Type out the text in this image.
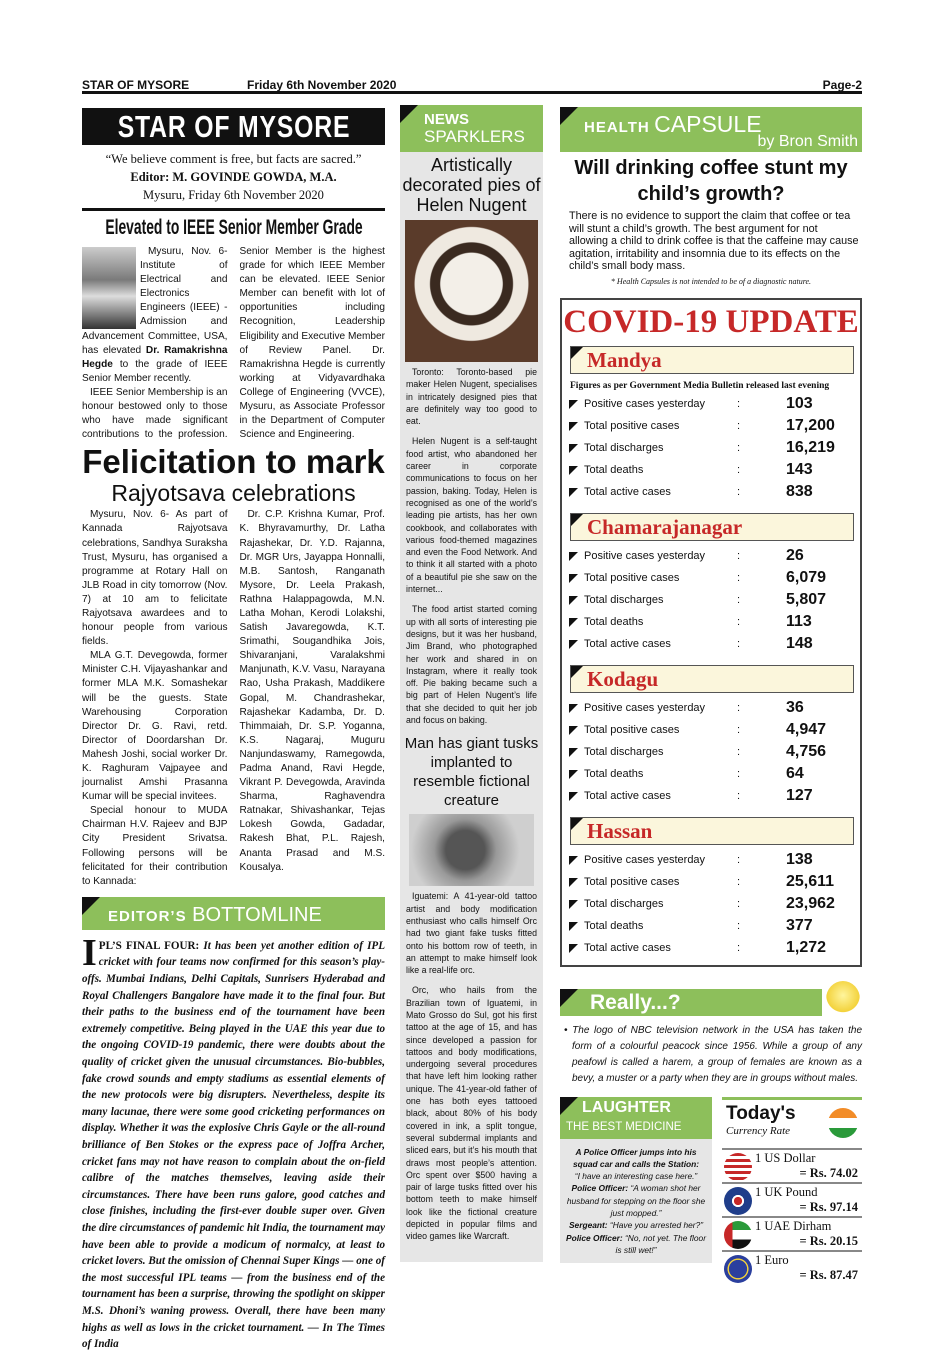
STAR OF MYSORE	Friday 6th November 2020	Page-2
STAR OF MYSORE
“We believe comment is free, but facts are sacred.”
Editor: M. GOVINDE GOWDA, M.A.
Mysuru, Friday 6th November 2020
Elevated to IEEE Senior Member Grade

Mysuru, Nov. 6- Institute of Electrical and Electronics Engineers (IEEE) - Admission and Advancement Committee, USA, has elevated Dr. Ramakrishna Hegde to the grade of IEEE Senior Member recently.

IEEE Senior Membership is an honour bestowed only to those who have made significant contributions to the profession. Senior Member is the highest grade for which IEEE Member can be elevated. IEEE Senior Member can benefit with lot of opportunities including Recognition, Leadership Eligibility and Executive Member of Review Panel. Dr. Ramakrishna Hegde is currently working at Vidyavardhaka College of Engineering (VVCE), Mysuru, as Associate Professor in the Department of Computer Science and Engineering.

Felicitation to mark
Rajyotsava celebrations

Mysuru, Nov. 6- As part of Kannada Rajyotsava celebrations, Sandhya Suraksha Trust, Mysuru, has organised a programme at Rotary Hall on JLB Road in city tomorrow (Nov. 7) at 10 am to felicitate Rajyotsava awardees and to honour people from various fields.

MLA G.T. Devegowda, former Minister C.H. Vijayashankar and former MLA M.K. Somashekar will be the guests. State Warehousing Corporation Director Dr. G. Ravi, retd. Director of Doordarshan Dr. Mahesh Joshi, social worker Dr. K. Raghuram Vajpayee and journalist Amshi Prasanna Kumar will be special invitees.

Special honour to MUDA Chairman H.V. Rajeev and BJP City President Srivatsa. Following persons will be felicitated for their contribution to Kannada:

Dr. C.P. Krishna Kumar, Prof. K. Bhyravamurthy, Dr. Latha Rajashekar, Dr. Y.D. Rajanna, Dr. MGR Urs, Jayappa Honnalli, M.B. Santosh, Ranganath Mysore, Dr. Leela Prakash, Rathna Halappagowda, M.N. Latha Mohan, Kerodi Lolakshi, Satish Javaregowda, K.T. Srimathi, Sougandhika Jois, Shivaranjani, Varalakshmi Manjunath, K.V. Vasu, Narayana Rao, Usha Prakash, Maddikere Gopal, M. Chandrashekar, Rajashekar Kadamba, Dr. D. Thimmaiah, Dr. S.P. Yoganna, K.S. Nagaraj, Muguru Nanjundaswamy, Ramegowda, Padma Anand, Ravi Hegde, Vikrant P. Devegowda, Aravinda Sharma, Raghavendra Ratnakar, Shivashankar, Tejas Lokesh Gowda, Gadadar, Rakesh Bhat, P.L. Rajesh, Ananta Prasad and M.S. Kousalya.

EDITOR’S BOTTOMLINE
IPL’S FINAL FOUR: It has been yet another edition of IPL cricket with four teams now confirmed for this season’s play-offs. Mumbai Indians, Delhi Capitals, Sunrisers Hyderabad and Royal Challengers Bangalore have made it to the final four. But their paths to the business end of the tournament have been extremely competitive. Being played in the UAE this year due to the ongoing COVID-19 pandemic, there were doubts about the quality of cricket given the unusual circumstances. Bio-bubbles, fake crowd sounds and empty stadiums as essential elements of the new protocols were big disrupters. Nevertheless, despite its many lacunae, there were some good cricketing performances on display. Whether it was the explosive Chris Gayle or the all-round brilliance of Ben Stokes or the express pace of Joffra Archer, cricket fans may not have reason to complain about the on-field calibre of the matches themselves, leaving aside their circumstances. There have been runs galore, good catches and close finishes, including the first-ever double super over. Given the dire circumstances of pandemic hit India, the tournament may have been able to provide a modicum of normalcy, at least to cricket lovers. But the omission of Chennai Super Kings — one of the most successful IPL teams — from the business end of the tournament has been a surprise, throwing the spotlight on skipper M.S. Dhoni’s waning prowess. Overall, there have been many highs as well as lows in the cricket tournament. — In The Times of India
NEWS
SPARKLERS
Artistically decorated pies of Helen Nugent

Toronto: Toronto-based pie maker Helen Nugent, specialises in intricately designed pies that are definitely way too good to eat.

Helen Nugent is a self-taught food artist, who abandoned her career in corporate communications to focus on her passion, baking. Today, Helen is recognised as one of the world’s leading pie artists, has her own cookbook, and collaborates with various food-themed magazines and even the Food Network. And to think it all started with a photo of a beautiful pie she saw on the internet...

The food artist started coming up with all sorts of interesting pie designs, but it was her husband, Jim Brand, who photographed her work and shared in on Instagram, where it really took off. Pie baking became such a big part of Helen Nugent’s life that she decided to quit her job and focus on baking.

Man has giant tusks implanted to resemble fictional creature

Iguatemi: A 41-year-old tattoo artist and body modification enthusiast who calls himself Orc had two giant fake tusks fitted onto his bottom row of teeth, in an attempt to make himself look like a real-life orc.

Orc, who hails from the Brazilian town of Iguatemi, in Mato Grosso do Sul, got his first tattoo at the age of 15, and has since developed a passion for tattoos and body modifications, undergoing several procedures that have left him looking rather unique. The 41-year-old father of one has both eyes tattooed black, about 80% of his body covered in ink, a split tongue, several subdermal implants and sliced ears, but it’s his mouth that draws most people’s attention. Orc spent over $500 having a pair of large tusks fitted over his bottom teeth to make himself look like the fictional creature depicted in popular films and video games like Warcraft.

HEALTH CAPSULE
by Bron Smith
Will drinking coffee stunt my child’s growth?
There is no evidence to support the claim that coffee or tea will stunt a child’s growth. The best argument for not allowing a child to drink coffee is that the caffeine may cause agitation, irritability and insomnia due to its effects on the child’s small body mass.
* Health Capsules is not intended to be of a diagnostic nature.
COVID-19 UPDATE
Mandya
Figures as per Government Media Bulletin released last evening
Positive cases yesterday	:	103
Total positive cases	:	17,200
Total discharges	:	16,219
Total deaths	:	143
Total active cases	:	838
Chamarajanagar
Positive cases yesterday	:	26
Total positive cases	:	6,079
Total discharges	:	5,807
Total deaths	:	113
Total active cases	:	148
Kodagu
Positive cases yesterday	:	36
Total positive cases	:	4,947
Total discharges	:	4,756
Total deaths	:	64
Total active cases	:	127
Hassan
Positive cases yesterday	:	138
Total positive cases	:	25,611
Total discharges	:	23,962
Total deaths	:	377
Total active cases	:	1,272
Really...?
• The logo of NBC television network in the USA has taken the form of a colourful peacock since 1956. While a group of any peafowl is called a harem, a group of females are known as a bevy, a muster or a party when they are in groups without males.
LAUGHTER
THE BEST MEDICINE
A Police Officer jumps into his squad car and calls the Station:
“I have an interesting case here.”
Police Officer: “A woman shot her husband for stepping on the floor she just mopped.”
Sergeant: “Have you arrested her?”
Police Officer: “No, not yet. The floor is still wet!”
Today's
Currency Rate
1 US Dollar
= Rs. 74.02
1 UK Pound
= Rs. 97.14
1 UAE Dirham
= Rs. 20.15
1 Euro
= Rs. 87.47
